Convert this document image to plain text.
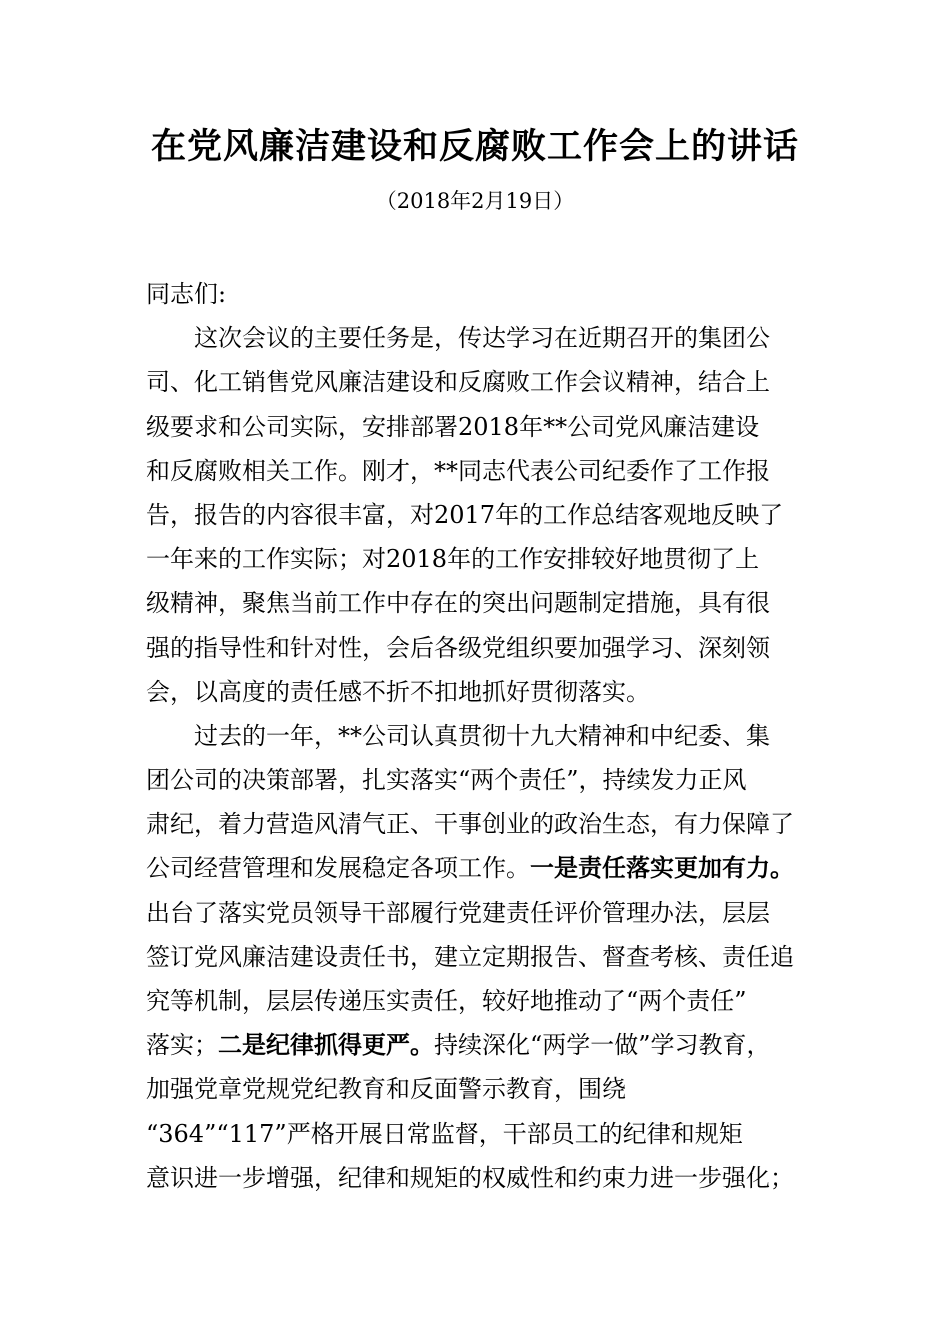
在党风廉洁建设和反腐败工作会上的讲话
（2018年2月19日）
同志们:
这次会议的主要任务是，传达学习在近期召开的集团公
司、化工销售党风廉洁建设和反腐败工作会议精神，结合上
级要求和公司实际，安排部署2018年**公司党风廉洁建设
和反腐败相关工作。刚才，**同志代表公司纪委作了工作报
告，报告的内容很丰富，对2017年的工作总结客观地反映了
一年来的工作实际；对2018年的工作安排较好地贯彻了上
级精神，聚焦当前工作中存在的突出问题制定措施，具有很
强的指导性和针对性，会后各级党组织要加强学习、深刻领
会，以高度的责任感不折不扣地抓好贯彻落实。
过去的一年，**公司认真贯彻十九大精神和中纪委、集
团公司的决策部署，扎实落实“两个责任”，持续发力正风
肃纪，着力营造风清气正、干事创业的政治生态，有力保障了
公司经营管理和发展稳定各项工作。一是责任落实更加有力。
出台了落实党员领导干部履行党建责任评价管理办法，层层
签订党风廉洁建设责任书，建立定期报告、督查考核、责任追
究等机制，层层传递压实责任，较好地推动了“两个责任”
落实；二是纪律抓得更严。持续深化“两学一做”学习教育，
加强党章党规党纪教育和反面警示教育，围绕
“364”“117”严格开展日常监督，干部员工的纪律和规矩
意识进一步增强，纪律和规矩的权威性和约束力进一步强化；
